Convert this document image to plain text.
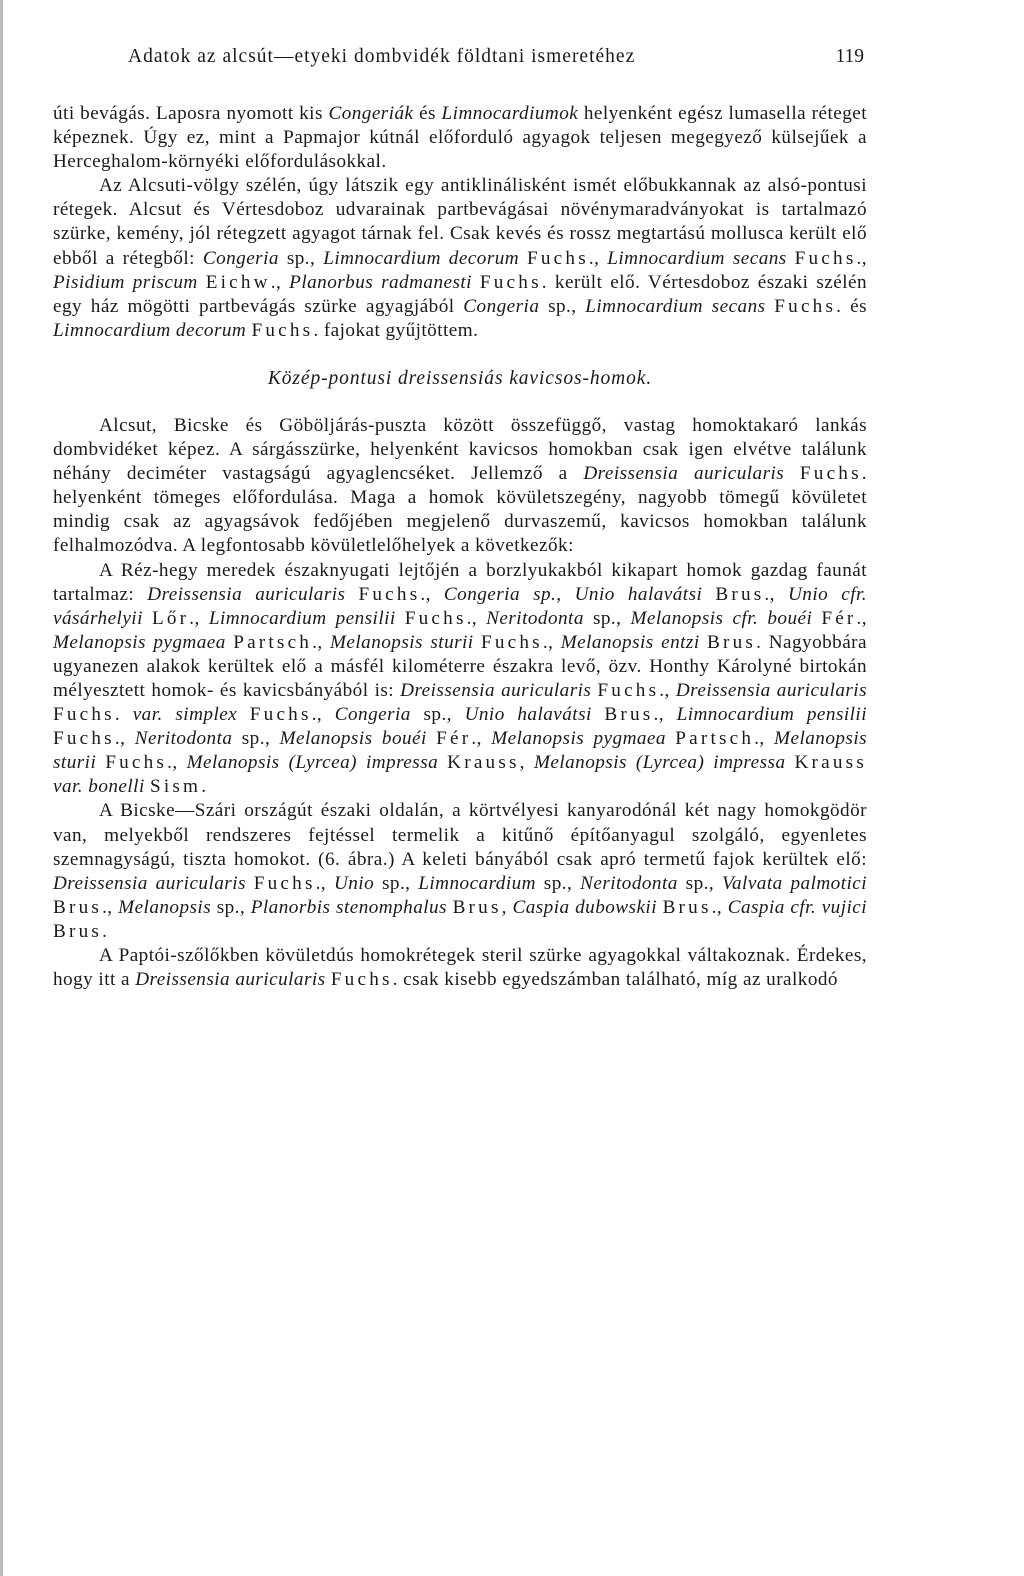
Adatok az alcsút—etyeki dombvidék földtani ismeretéhez	119

úti bevágás. Laposra nyomott kis Congeriák és Limnocardiumok helyenként egész lumasella réteget képeznek. Úgy ez, mint a Papmajor kútnál előforduló agyagok teljesen megegyező külsejűek a Herceghalom-környéki előfordulásokkal.

Az Alcsuti-völgy szélén, úgy látszik egy antiklinálisként ismét előbukkannak az alsó-pontusi rétegek. Alcsut és Vértesdoboz udvarainak partbevágásai növénymaradványokat is tartalmazó szürke, kemény, jól rétegzett agyagot tárnak fel. Csak kevés és rossz megtartású mollusca került elő ebből a rétegből: Congeria sp., Limnocardium decorum Fuchs., Limnocardium secans Fuchs., Pisidium priscum Eichw., Planorbus radmanesti Fuchs. került elő. Vértesdoboz északi szélén egy ház mögötti partbevágás szürke agyagjából Congeria sp., Limnocardium secans Fuchs. és Limnocardium decorum Fuchs. fajokat gyűjtöttem.

Közép-pontusi dreissensiás kavicsos-homok.

Alcsut, Bicske és Göböljárás-puszta között összefüggő, vastag homoktakaró lankás dombvidéket képez. A sárgásszürke, helyenként kavicsos homokban csak igen elvétve találunk néhány deciméter vastagságú agyaglencséket. Jellemző a Dreissensia auricularis Fuchs. helyenként tömeges előfordulása. Maga a homok kövületszegény, nagyobb tömegű kövületet mindig csak az agyagsávok fedőjében megjelenő durvaszemű, kavicsos homokban találunk felhalmozódva. A legfontosabb kövületlelőhelyek a következők:

A Réz-hegy meredek északnyugati lejtőjén a borzlyukakból kikapart homok gazdag faunát tartalmaz: Dreissensia auricularis Fuchs., Congeria sp., Unio halavátsi Brus., Unio cfr. vásárhelyii Lőr., Limnocardium pensilii Fuchs., Neritodonta sp., Melanopsis cfr. bouéi Fér., Melanopsis pygmaea Partsch., Melanopsis sturii Fuchs., Melanopsis entzi Brus. Nagyobbára ugyanezen alakok kerültek elő a másfél kilométerre északra levő, özv. Honthy Károlyné birtokán mélyesztett homok- és kavicsbányából is: Dreissensia auricularis Fuchs., Dreissensia auricularis Fuchs. var. simplex Fuchs., Congeria sp., Unio halavátsi Brus., Limnocardium pensilii Fuchs., Neritodonta sp., Melanopsis bouéi Fér., Melanopsis pygmaea Partsch., Melanopsis sturii Fuchs., Melanopsis (Lyrcea) impressa Krauss, Melanopsis (Lyrcea) impressa Krauss var. bonelli Sism.

A Bicske—Szári országút északi oldalán, a körtvélyesi kanyarodónál két nagy homokgödör van, melyekből rendszeres fejtéssel termelik a kitűnő építőanyagul szolgáló, egyenletes szemnagyságú, tiszta homokot. (6. ábra.) A keleti bányából csak apró termetű fajok kerültek elő: Dreissensia auricularis Fuchs., Unio sp., Limnocardium sp., Neritodonta sp., Valvata palmotici Brus., Melanopsis sp., Planorbis stenomphalus Brus, Caspia dubowskii Brus., Caspia cfr. vujici Brus.

A Paptói-szőlőkben kövületdús homokrétegek steril szürke agyagokkal váltakoznak. Érdekes, hogy itt a Dreissensia auricularis Fuchs. csak kisebb egyedszámban található, míg az uralkodó
